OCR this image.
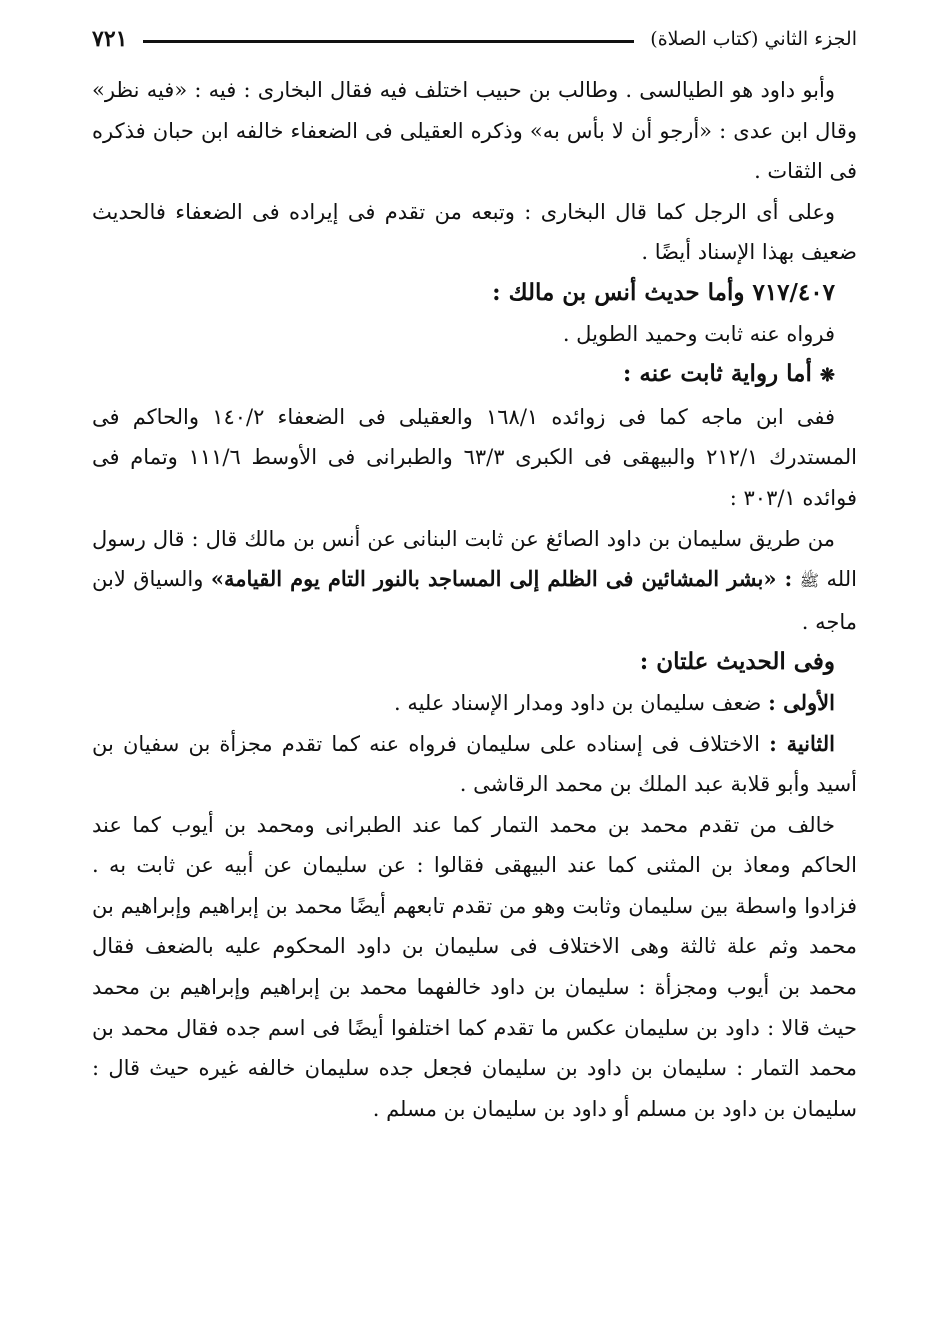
الجزء الثاني (كتاب الصلاة)
٧٢١

وأبو داود هو الطيالسى . وطالب بن حبيب اختلف فيه فقال البخارى : فيه : «فيه نظر» وقال ابن عدى : «أرجو أن لا بأس به» وذكره العقيلى فى الضعفاء خالفه ابن حبان فذكره فى الثقات .

وعلى أى الرجل كما قال البخارى : وتبعه من تقدم فى إيراده فى الضعفاء فالحديث ضعيف بهذا الإسناد أيضًا .

٧١٧/٤٠٧ وأما حديث أنس بن مالك :

فرواه عنه ثابت وحميد الطويل .

❋ أما رواية ثابت عنه :

ففى ابن ماجه كما فى زوائده ١٦٨/١ والعقيلى فى الضعفاء ١٤٠/٢ والحاكم فى المستدرك ٢١٢/١ والبيهقى فى الكبرى ٦٣/٣ والطبرانى فى الأوسط ١١١/٦ وتمام فى فوائده ٣٠٣/١ :

من طريق سليمان بن داود الصائغ عن ثابت البنانى عن أنس بن مالك قال : قال رسول الله ﷺ : «بشر المشائين فى الظلم إلى المساجد بالنور التام يوم القيامة» والسياق لابن ماجه .

وفى الحديث علتان :

الأولى : ضعف سليمان بن داود ومدار الإسناد عليه .

الثانية : الاختلاف فى إسناده على سليمان فرواه عنه كما تقدم مجزأة بن سفيان بن أسيد وأبو قلابة عبد الملك بن محمد الرقاشى .

خالف من تقدم محمد بن محمد التمار كما عند الطبرانى ومحمد بن أيوب كما عند الحاكم ومعاذ بن المثنى كما عند البيهقى فقالوا : عن سليمان عن أبيه عن ثابت به . فزادوا واسطة بين سليمان وثابت وهو من تقدم تابعهم أيضًا محمد بن إبراهيم وإبراهيم بن محمد وثم علة ثالثة وهى الاختلاف فى سليمان بن داود المحكوم عليه بالضعف فقال محمد بن أيوب ومجزأة : سليمان بن داود خالفهما محمد بن إبراهيم وإبراهيم بن محمد حيث قالا : داود بن سليمان عكس ما تقدم كما اختلفوا أيضًا فى اسم جده فقال محمد بن محمد التمار : سليمان بن داود بن سليمان فجعل جده سليمان خالفه غيره حيث قال : سليمان بن داود بن مسلم أو داود بن سليمان بن مسلم .
